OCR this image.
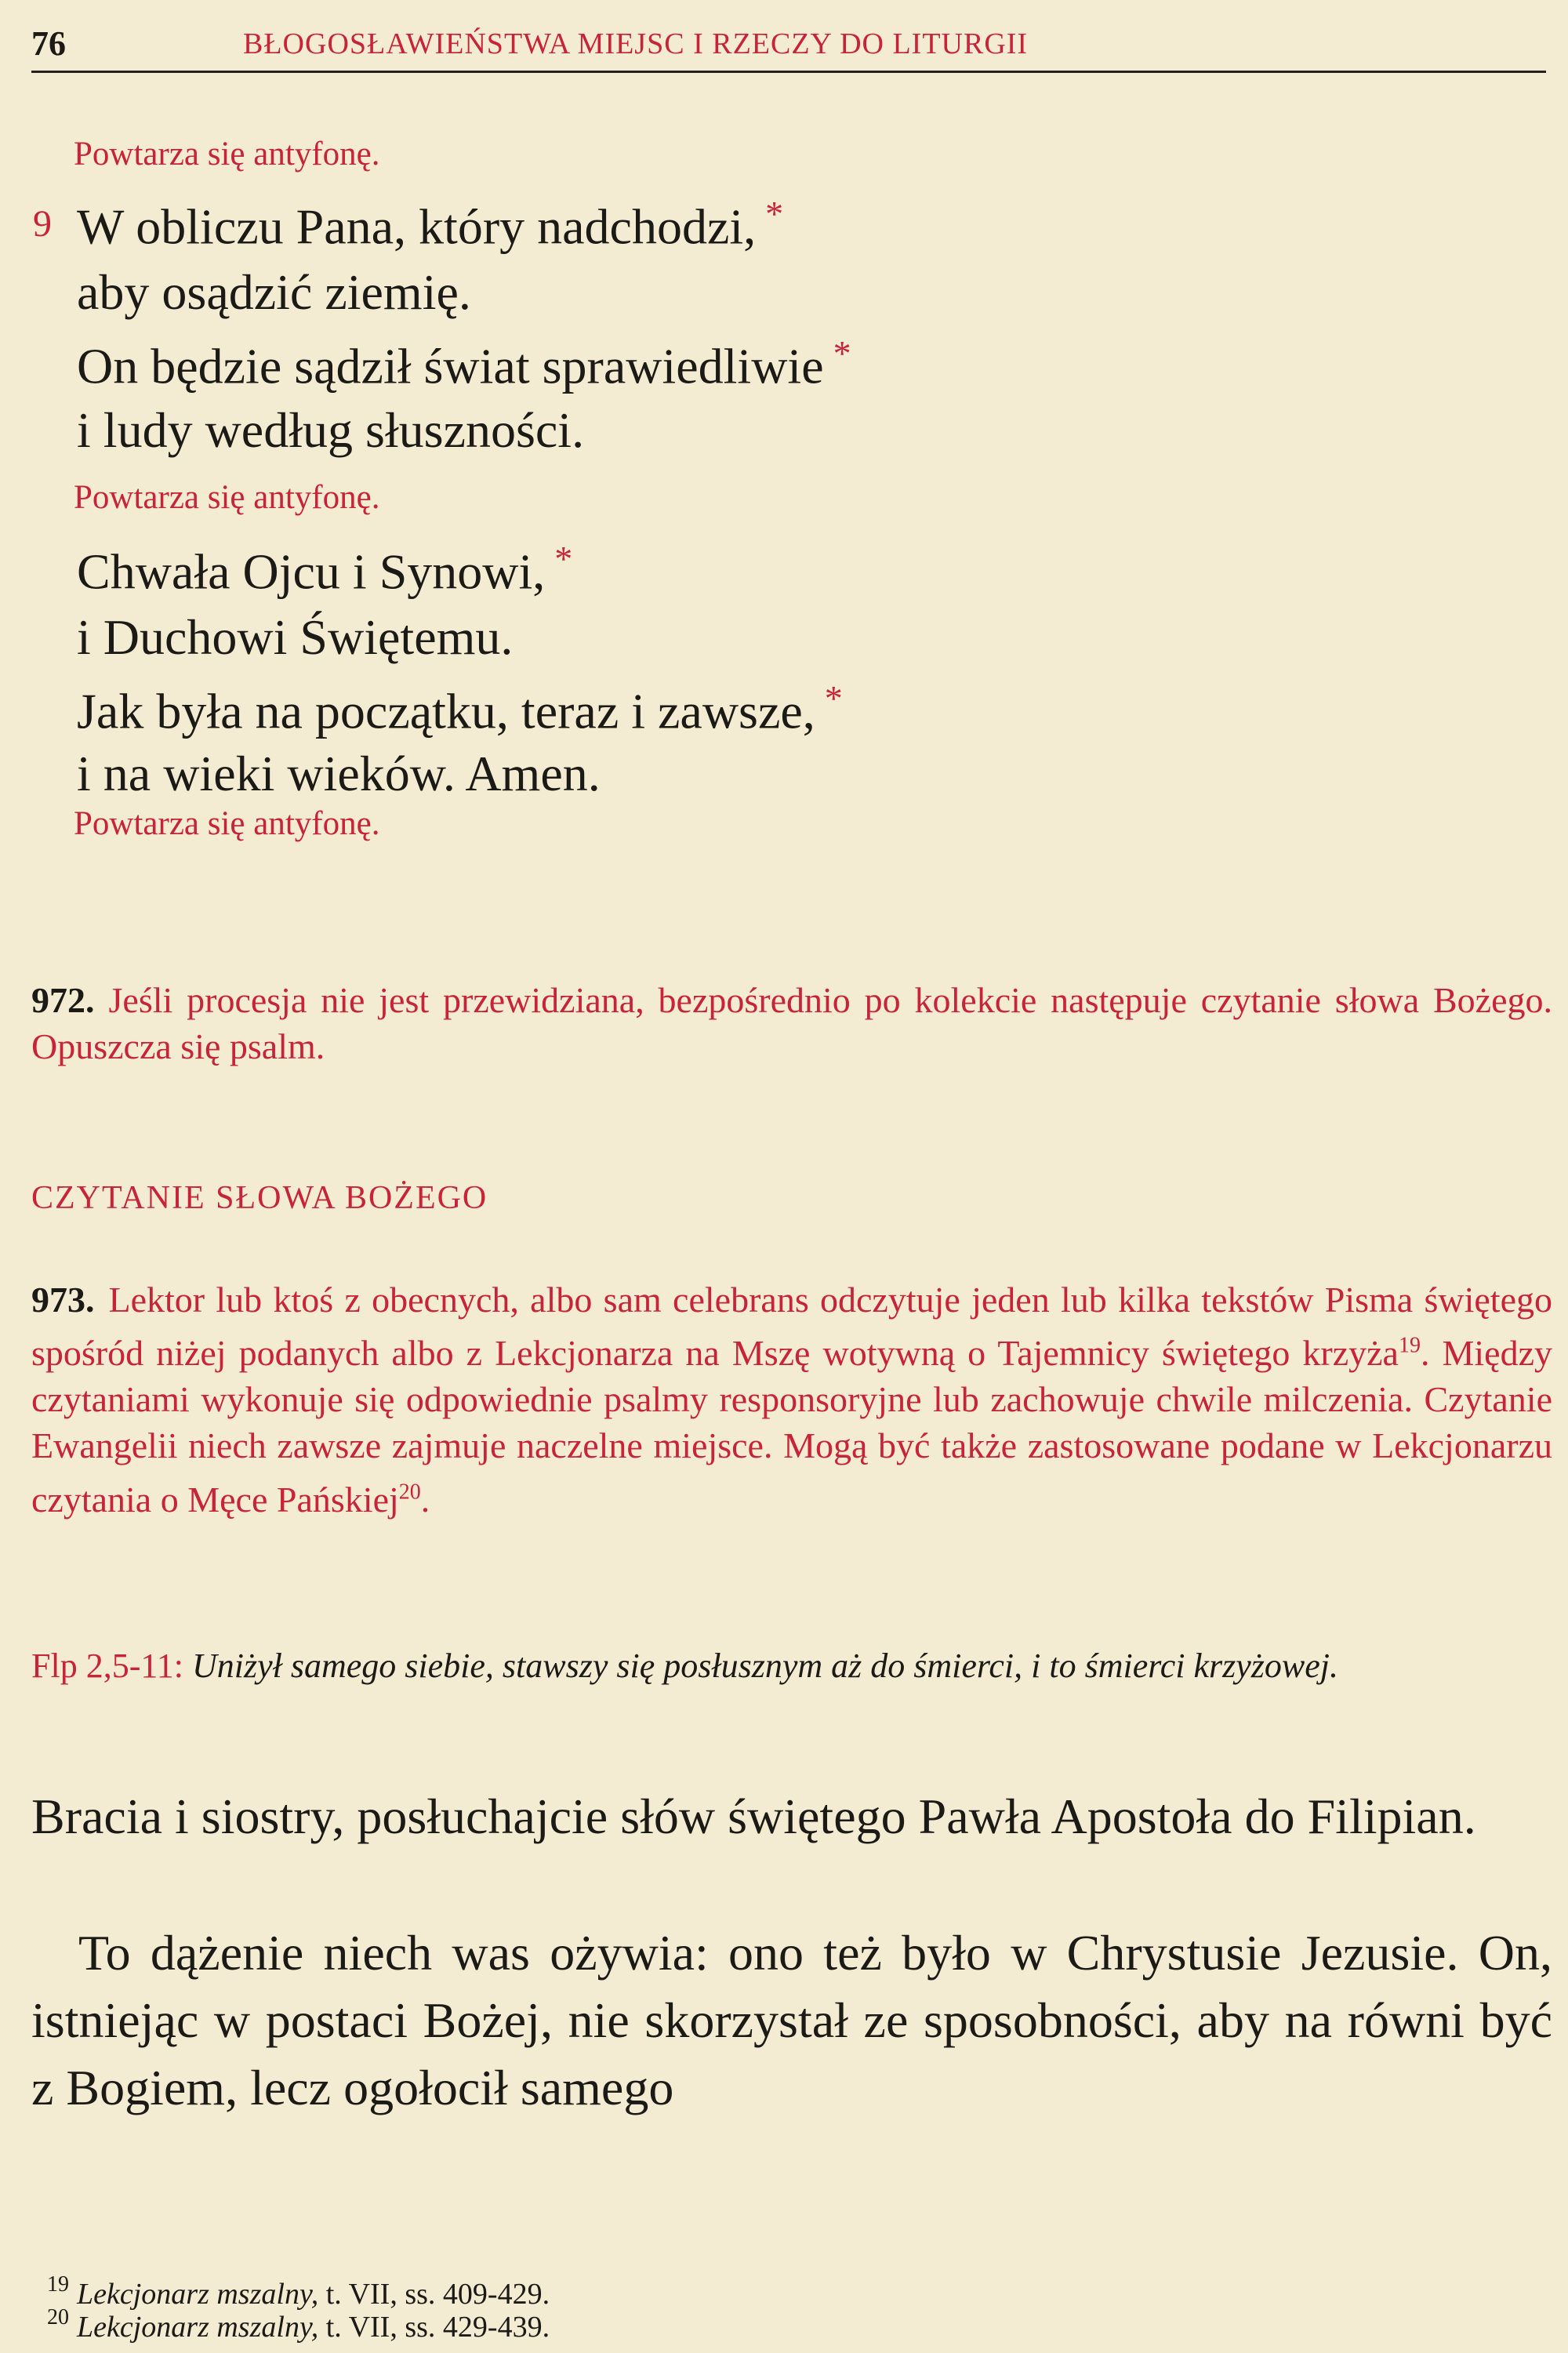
76	BŁOGOSŁAWIEŃSTWA MIEJSC I RZECZY DO LITURGII
Powtarza się antyfonę.
9 W obliczu Pana, który nadchodzi, *
aby osądzić ziemię.
On będzie sądził świat sprawiedliwie *
i ludy według słuszności.
Powtarza się antyfonę.
Chwała Ojcu i Synowi, *
i Duchowi Świętemu.
Jak była na początku, teraz i zawsze, *
i na wieki wieków. Amen.
Powtarza się antyfonę.
972. Jeśli procesja nie jest przewidziana, bezpośrednio po kolekcie następuje czytanie słowa Bożego. Opuszcza się psalm.
CZYTANIE SŁOWA BOŻEGO
973. Lektor lub ktoś z obecnych, albo sam celebrans odczytuje jeden lub kilka tekstów Pisma świętego spośród niżej podanych albo z Lekcjonarza na Mszę wotywną o Tajemnicy świętego krzyża$^{19}$. Między czytaniami wykonuje się odpowiednie psalmy responsoryjne lub zachowuje chwile milczenia. Czytanie Ewangelii niech zawsze zajmuje naczelne miejsce. Mogą być także zastosowane podane w Lekcjonarzu czytania o Męce Pańskiej$^{20}$.
Flp 2,5-11: Uniżył samego siebie, stawszy się posłusznym aż do śmierci, i to śmierci krzyżowej.
Bracia i siostry, posłuchajcie słów świętego Pawła Apostoła do Filipian.
To dążenie niech was ożywia: ono też było w Chrystusie Jezusie. On, istniejąc w postaci Bożej, nie skorzystał ze sposobności, aby na równi być z Bogiem, lecz ogołocił samego
19 Lekcjonarz mszalny, t. VII, ss. 409-429.
20 Lekcjonarz mszalny, t. VII, ss. 429-439.
